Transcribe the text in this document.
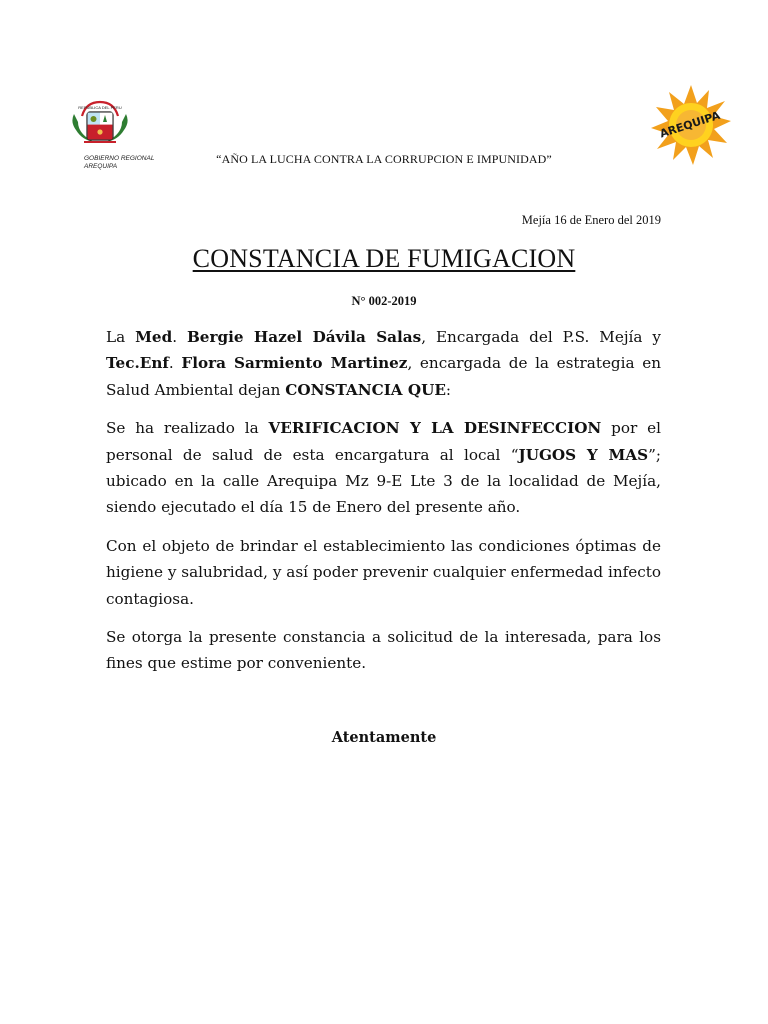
REPUBLICA DEL PERU
GOBIERNO REGIONAL
AREQUIPA
AREQUIPA
“AÑO LA LUCHA CONTRA LA CORRUPCION E IMPUNIDAD”
Mejía 16 de Enero del 2019
CONSTANCIA DE FUMIGACION
N° 002-2019

La Med. Bergie Hazel Dávila Salas, Encargada del P.S. Mejía y Tec.Enf. Flora Sarmiento Martinez, encargada de la estrategia en Salud Ambiental dejan CONSTANCIA QUE:

Se ha realizado la VERIFICACION Y LA DESINFECCION por el personal de salud de esta encargatura al local “JUGOS Y MAS”; ubicado en la calle Arequipa Mz 9-E Lte 3 de la localidad de Mejía, siendo ejecutado el día 15 de Enero del presente año.

Con el objeto de brindar el establecimiento las condiciones óptimas de higiene y salubridad, y así poder prevenir cualquier enfermedad infecto contagiosa.

Se otorga la presente constancia a solicitud de la interesada, para los fines que estime por conveniente.

Atentamente
